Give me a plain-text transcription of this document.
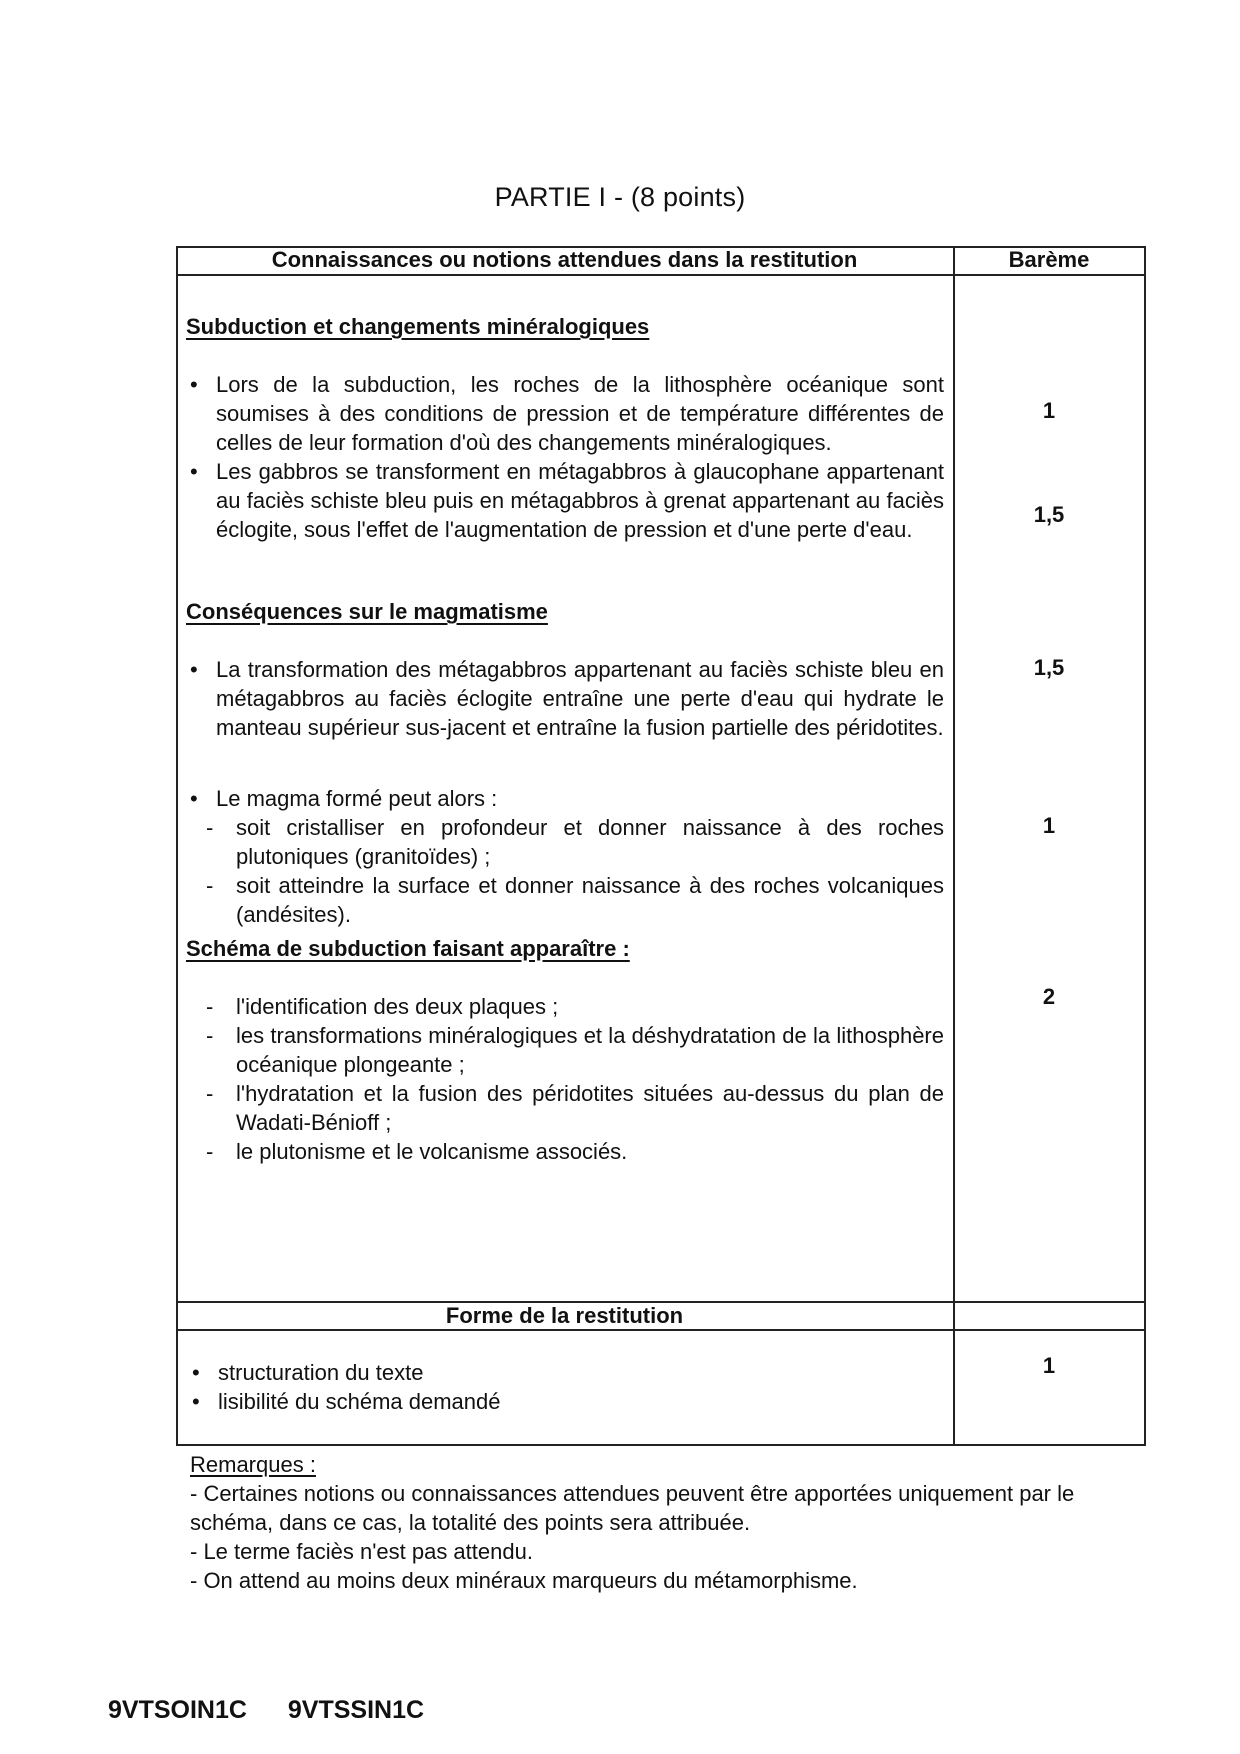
PARTIE I - (8 points)
Connaissances ou notions attendues dans la restitution	Barème
Subduction et changements minéralogiques

• Lors de la subduction, les roches de la lithosphère océanique sont soumises à des conditions de pression et de température différentes de celles de leur formation d'où des changements minéralogiques.

• Les gabbros se transforment en métagabbros à glaucophane appartenant au faciès schiste bleu puis en métagabbros à grenat appartenant au faciès éclogite, sous l'effet de l'augmentation de pression et d'une perte d'eau.

1
1,5
Conséquences sur le magmatisme

• La transformation des métagabbros appartenant au faciès schiste bleu en métagabbros au faciès éclogite entraîne une perte d'eau qui hydrate le manteau supérieur sus-jacent et entraîne la fusion partielle des péridotites.

1,5

• Le magma formé peut alors :

- soit cristalliser en profondeur et donner naissance à des roches plutoniques (granitoïdes) ;

- soit atteindre la surface et donner naissance à des roches volcaniques (andésites).

1
Schéma de subduction faisant apparaître :

- l'identification des deux plaques ;

- les transformations minéralogiques et la déshydratation de la lithosphère océanique plongeante ;

- l'hydratation et la fusion des péridotites situées au-dessus du plan de Wadati-Bénioff ;

- le plutonisme et le volcanisme associés.

2
Forme de la restitution

• structuration du texte

• lisibilité du schéma demandé

1

Remarques :

- Certaines notions ou connaissances attendues peuvent être apportées uniquement par le schéma, dans ce cas, la totalité des points sera attribuée.

- Le terme faciès n'est pas attendu.

- On attend au moins deux minéraux marqueurs du métamorphisme.

9VTSOIN1C 9VTSSIN1C
